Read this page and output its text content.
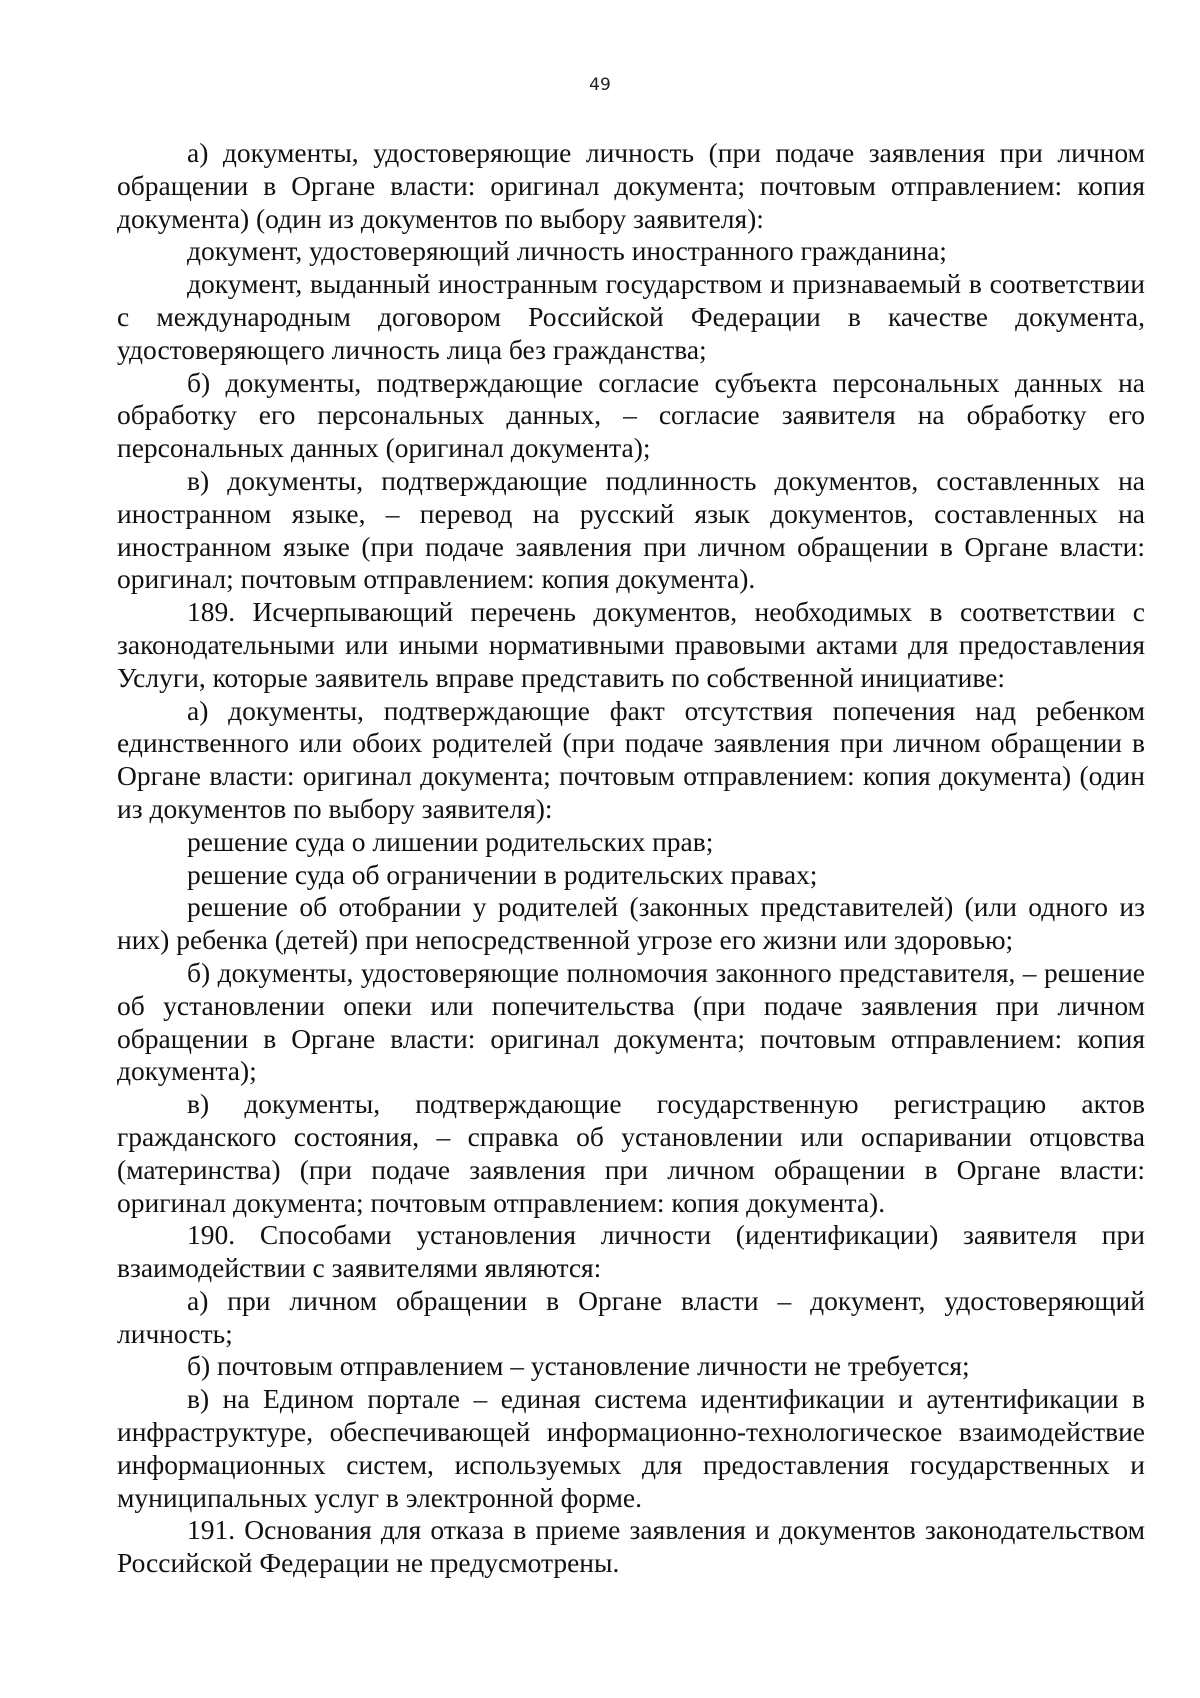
49

а) документы, удостоверяющие личность (при подаче заявления при личном обращении в Органе власти: оригинал документа; почтовым отправлением: копия документа) (один из документов по выбору заявителя):

документ, удостоверяющий личность иностранного гражданина;

документ, выданный иностранным государством и признаваемый в соответствии с международным договором Российской Федерации в качестве документа, удостоверяющего личность лица без гражданства;

б) документы, подтверждающие согласие субъекта персональных данных на обработку его персональных данных, – согласие заявителя на обработку его персональных данных (оригинал документа);

в) документы, подтверждающие подлинность документов, составленных на иностранном языке, – перевод на русский язык документов, составленных на иностранном языке (при подаче заявления при личном обращении в Органе власти: оригинал; почтовым отправлением: копия документа).

189. Исчерпывающий перечень документов, необходимых в соответствии с законодательными или иными нормативными правовыми актами для предоставления Услуги, которые заявитель вправе представить по собственной инициативе:

а) документы, подтверждающие факт отсутствия попечения над ребенком единственного или обоих родителей (при подаче заявления при личном обращении в Органе власти: оригинал документа; почтовым отправлением: копия документа) (один из документов по выбору заявителя):

решение суда о лишении родительских прав;

решение суда об ограничении в родительских правах;

решение об отобрании у родителей (законных представителей) (или одного из них) ребенка (детей) при непосредственной угрозе его жизни или здоровью;

б) документы, удостоверяющие полномочия законного представителя, – решение об установлении опеки или попечительства (при подаче заявления при личном обращении в Органе власти: оригинал документа; почтовым отправлением: копия документа);

в) документы, подтверждающие государственную регистрацию актов гражданского состояния, – справка об установлении или оспаривании отцовства (материнства) (при подаче заявления при личном обращении в Органе власти: оригинал документа; почтовым отправлением: копия документа).

190. Способами установления личности (идентификации) заявителя при взаимодействии с заявителями являются:

а) при личном обращении в Органе власти – документ, удостоверяющий личность;

б) почтовым отправлением – установление личности не требуется;

в) на Едином портале – единая система идентификации и аутентификации в инфраструктуре, обеспечивающей информационно-технологическое взаимодействие информационных систем, используемых для предоставления государственных и муниципальных услуг в электронной форме.

191. Основания для отказа в приеме заявления и документов законодательством Российской Федерации не предусмотрены.
